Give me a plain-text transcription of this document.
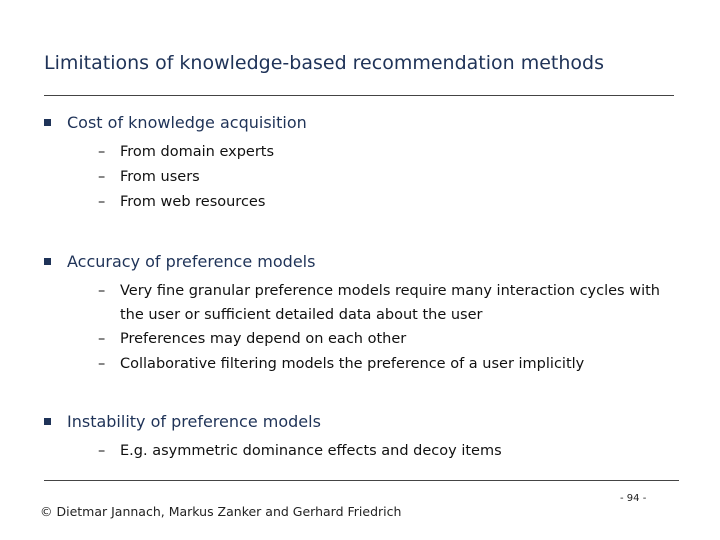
Limitations of knowledge-based recommendation methods
Cost of knowledge acquisition
–	From domain experts
–	From users
–	From web resources
Accuracy of preference models
–	Very fine granular preference models require many interaction cycles with the user or sufficient detailed data about the user
–	Preferences may depend on each other
–	Collaborative filtering models the preference of a user implicitly
Instability of preference models
–	E.g. asymmetric dominance effects and decoy items
© Dietmar Jannach, Markus Zanker and Gerhard Friedrich
- 94 -
